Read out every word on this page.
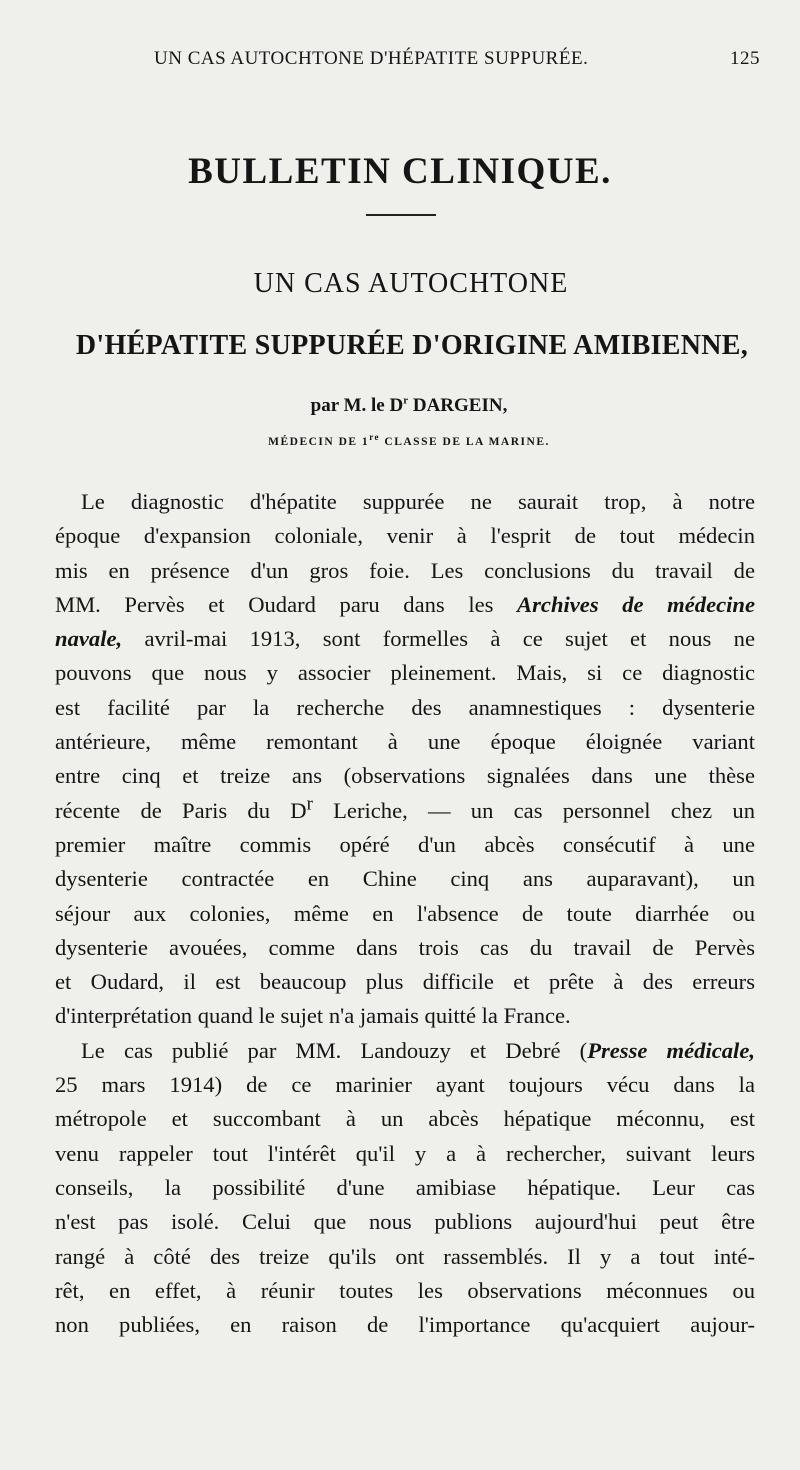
UN CAS AUTOCHTONE D'HÉPATITE SUPPURÉE.	125
BULLETIN CLINIQUE.
UN CAS AUTOCHTONE
D'HÉPATITE SUPPURÉE D'ORIGINE AMIBIENNE,
par M. le $D^r$ DARGEIN,
MÉDECIN DE 1re CLASSE DE LA MARINE.
Le diagnostic d'hépatite suppurée ne saurait trop, à notre
époque d'expansion coloniale, venir à l'esprit de tout médecin
mis en présence d'un gros foie. Les conclusions du travail de
MM. Pervès et Oudard paru dans les Archives de médecine
navale, avril-mai 1913, sont formelles à ce sujet et nous ne
pouvons que nous y associer pleinement. Mais, si ce diagnostic
est facilité par la recherche des anamnestiques : dysenterie
antérieure, même remontant à une époque éloignée variant
entre cinq et treize ans (observations signalées dans une thèse
récente de Paris du $D^r$ Leriche, — un cas personnel chez un
premier maître commis opéré d'un abcès consécutif à une
dysenterie contractée en Chine cinq ans auparavant), un
séjour aux colonies, même en l'absence de toute diarrhée ou
dysenterie avouées, comme dans trois cas du travail de Pervès
et Oudard, il est beaucoup plus difficile et prête à des erreurs
d'interprétation quand le sujet n'a jamais quitté la France.
Le cas publié par MM. Landouzy et Debré (Presse médicale,
25 mars 1914) de ce marinier ayant toujours vécu dans la
métropole et succombant à un abcès hépatique méconnu, est
venu rappeler tout l'intérêt qu'il y a à rechercher, suivant leurs
conseils, la possibilité d'une amibiase hépatique. Leur cas
n'est pas isolé. Celui que nous publions aujourd'hui peut être
rangé à côté des treize qu'ils ont rassemblés. Il y a tout inté-
rêt, en effet, à réunir toutes les observations méconnues ou
non publiées, en raison de l'importance qu'acquiert aujour-
